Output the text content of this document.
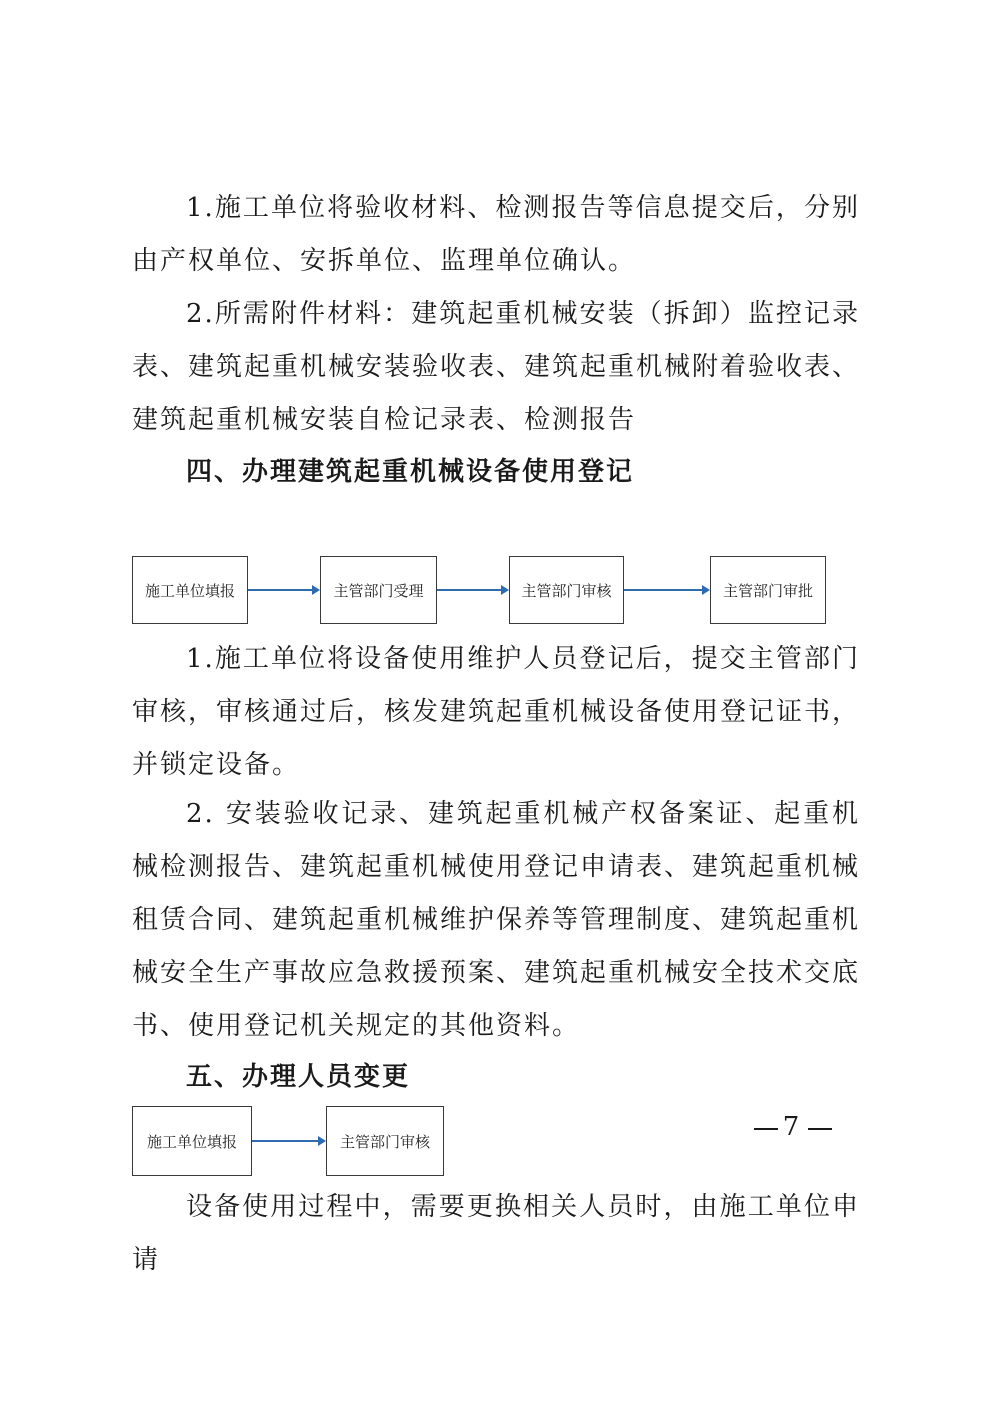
1.施工单位将验收材料、检测报告等信息提交后，分别由产权单位、安拆单位、监理单位确认。

2.所需附件材料：建筑起重机械安装（拆卸）监控记录表、建筑起重机械安装验收表、建筑起重机械附着验收表、建筑起重机械安装自检记录表、检测报告

四、办理建筑起重机械设备使用登记
施工单位填报	主管部门受理	主管部门审核	主管部门审批

1.施工单位将设备使用维护人员登记后，提交主管部门审核，审核通过后，核发建筑起重机械设备使用登记证书，并锁定设备。

2. 安装验收记录、建筑起重机械产权备案证、起重机械检测报告、建筑起重机械使用登记申请表、建筑起重机械租赁合同、建筑起重机械维护保养等管理制度、建筑起重机械安全生产事故应急救援预案、建筑起重机械安全技术交底书、使用登记机关规定的其他资料。

五、办理人员变更
施工单位填报	主管部门审核

设备使用过程中，需要更换相关人员时，由施工单位申请

7
